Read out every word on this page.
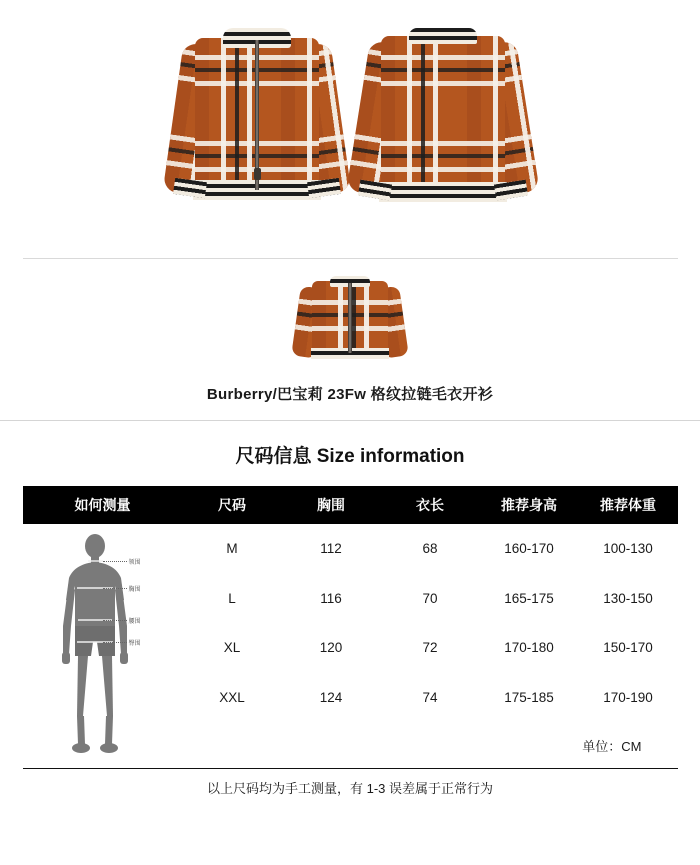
Burberry/巴宝莉 23Fw 格纹拉链毛衣开衫
尺码信息 Size information
如何测量	尺码	胸围	衣长	推荐身高	推荐体重

领围
胸围
腰围
臀围	M	112	68	160-170	100-130
	L	116	70	165-175	130-150
	XL	120	72	170-180	150-170
	XXL	124	74	175-185	170-190
	单位：CM				
以上尺码均为手工测量，有 1-3 误差属于正常行为					
